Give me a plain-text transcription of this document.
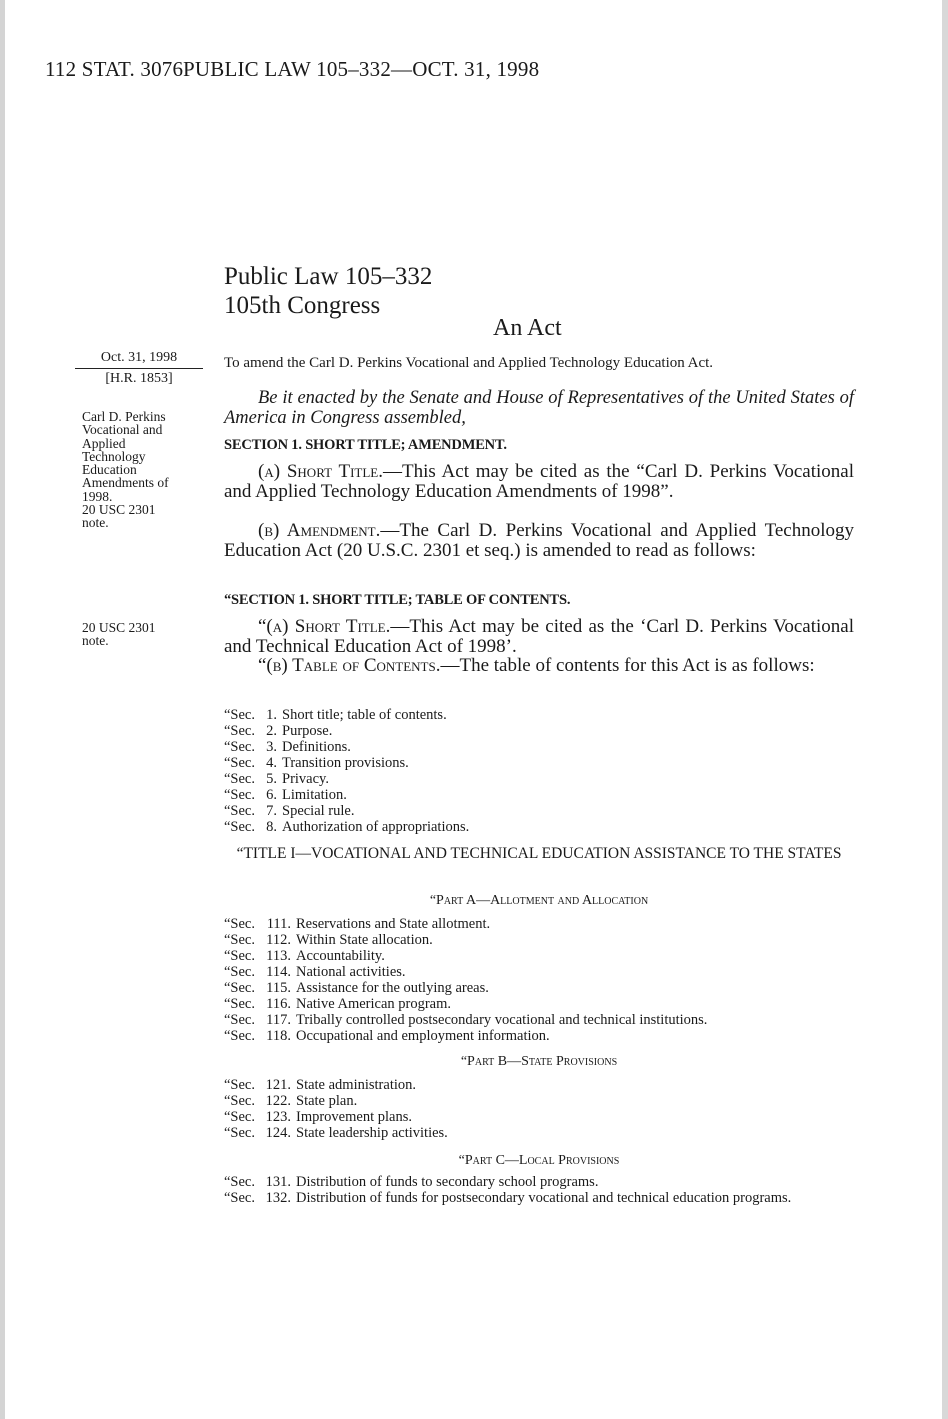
112 STAT. 3076 PUBLIC LAW 105–332—OCT. 31, 1998
Public Law 105–332
105th Congress
An Act
Oct. 31, 1998
[H.R. 1853]
Carl D. Perkins
Vocational and
Applied
Technology
Education
Amendments of
1998.
20 USC 2301
note.
20 USC 2301
note.
To amend the Carl D. Perkins Vocational and Applied Technology Education Act.
Be it enacted by the Senate and House of Representatives of the United States of America in Congress assembled,
SECTION 1. SHORT TITLE; AMENDMENT.
(a) Short Title.—This Act may be cited as the “Carl D. Perkins Vocational and Applied Technology Education Amendments of 1998”.
(b) Amendment.—The Carl D. Perkins Vocational and Applied Technology Education Act (20 U.S.C. 2301 et seq.) is amended to read as follows:
“SECTION 1. SHORT TITLE; TABLE OF CONTENTS.
“(a) Short Title.—This Act may be cited as the ‘Carl D. Perkins Vocational and Technical Education Act of 1998’.
“(b) Table of Contents.—The table of contents for this Act is as follows:
“Sec. 1. Short title; table of contents.
“Sec. 2. Purpose.
“Sec. 3. Definitions.
“Sec. 4. Transition provisions.
“Sec. 5. Privacy.
“Sec. 6. Limitation.
“Sec. 7. Special rule.
“Sec. 8. Authorization of appropriations.
“TITLE I—VOCATIONAL AND TECHNICAL EDUCATION ASSISTANCE TO THE STATES
“Part A—Allotment and Allocation
“Sec. 111. Reservations and State allotment.
“Sec. 112. Within State allocation.
“Sec. 113. Accountability.
“Sec. 114. National activities.
“Sec. 115. Assistance for the outlying areas.
“Sec. 116. Native American program.
“Sec. 117. Tribally controlled postsecondary vocational and technical institutions.
“Sec. 118. Occupational and employment information.
“Part B—State Provisions
“Sec. 121. State administration.
“Sec. 122. State plan.
“Sec. 123. Improvement plans.
“Sec. 124. State leadership activities.
“Part C—Local Provisions
“Sec. 131. Distribution of funds to secondary school programs.
“Sec. 132. Distribution of funds for postsecondary vocational and technical education programs.
